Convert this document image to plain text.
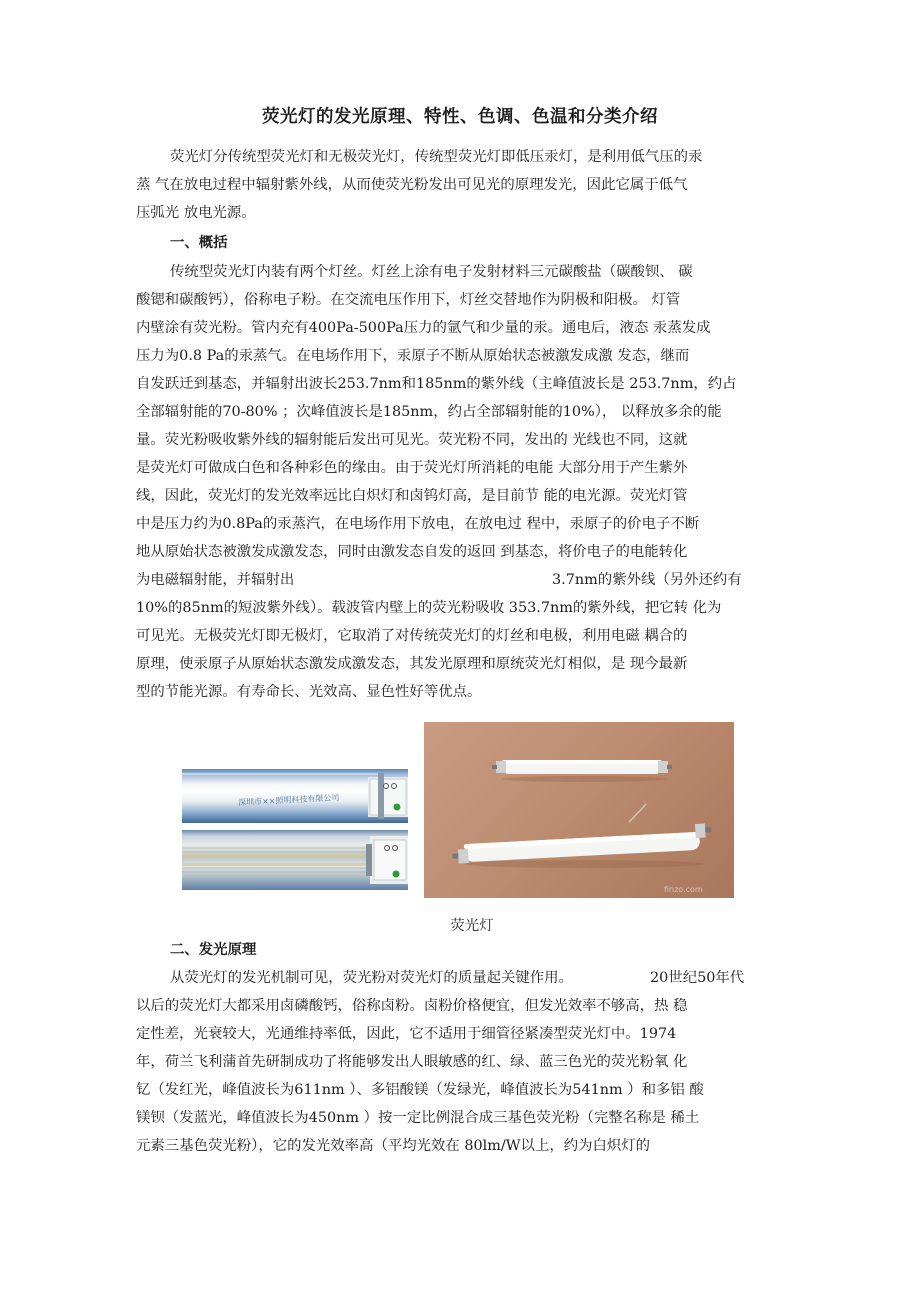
荧光灯的发光原理、特性、色调、色温和分类介绍
荧光灯分传统型荧光灯和无极荧光灯，传统型荧光灯即低压汞灯，是利用低气压的汞
蒸 气在放电过程中辐射紫外线，从而使荧光粉发出可见光的原理发光，因此它属于低气
压弧光 放电光源。
一、概括
传统型荧光灯内装有两个灯丝。灯丝上涂有电子发射材料三元碳酸盐（碳酸钡、 碳
酸锶和碳酸钙），俗称电子粉。在交流电压作用下，灯丝交替地作为阴极和阳极。 灯管
内壁涂有荧光粉。管内充有400Pa-500Pa压力的氩气和少量的汞。通电后，液态 汞蒸发成
压力为0.8 Pa的汞蒸气。在电场作用下，汞原子不断从原始状态被激发成激 发态，继而
自发跃迁到基态，并辐射出波长253.7nm和185nm的紫外线（主峰值波长是 253.7nm，约占
全部辐射能的70-80% ；次峰值波长是185nm，约占全部辐射能的10%）， 以释放多余的能
量。荧光粉吸收紫外线的辐射能后发出可见光。荧光粉不同，发出的 光线也不同，这就
是荧光灯可做成白色和各种彩色的缘由。由于荧光灯所消耗的电能 大部分用于产生紫外
线，因此，荧光灯的发光效率远比白炽灯和卤钨灯高，是目前节 能的电光源。荧光灯管
中是压力约为0.8Pa的汞蒸汽，在电场作用下放电，在放电过 程中，汞原子的价电子不断
地从原始状态被激发成激发态，同时由激发态自发的返回 到基态，将价电子的电能转化
为电磁辐射能，并辐射出	3.7nm的紫外线（另外还约有
10%的85nm的短波紫外线）。载波管内壁上的荧光粉吸收 353.7nm的紫外线，把它转 化为
可见光。无极荧光灯即无极灯，它取消了对传统荧光灯的灯丝和电极，利用电磁 耦合的
原理，使汞原子从原始状态激发成激发态，其发光原理和原统荧光灯相似，是 现今最新
型的节能光源。有寿命长、光效高、显色性好等优点。
深圳市××照明科技有限公司
finzo.com
荧光灯
二、发光原理
从荧光灯的发光机制可见，荧光粉对荧光灯的质量起关键作用。	20世纪50年代
以后的荧光灯大都采用卤磷酸钙，俗称卤粉。卤粉价格便宜，但发光效率不够高，热 稳
定性差，光衰较大，光通维持率低，因此，它不适用于细管径紧凑型荧光灯中。1974
年，荷兰飞利蒲首先研制成功了将能够发出人眼敏感的红、绿、蓝三色光的荧光粉氧 化
钇（发红光，峰值波长为611nm ）、多铝酸镁（发绿光，峰值波长为541nm ）和多铝 酸
镁钡（发蓝光，峰值波长为450nm ）按一定比例混合成三基色荧光粉（完整名称是 稀土
元素三基色荧光粉），它的发光效率高（平均光效在 80lm/W以上，约为白炽灯的
